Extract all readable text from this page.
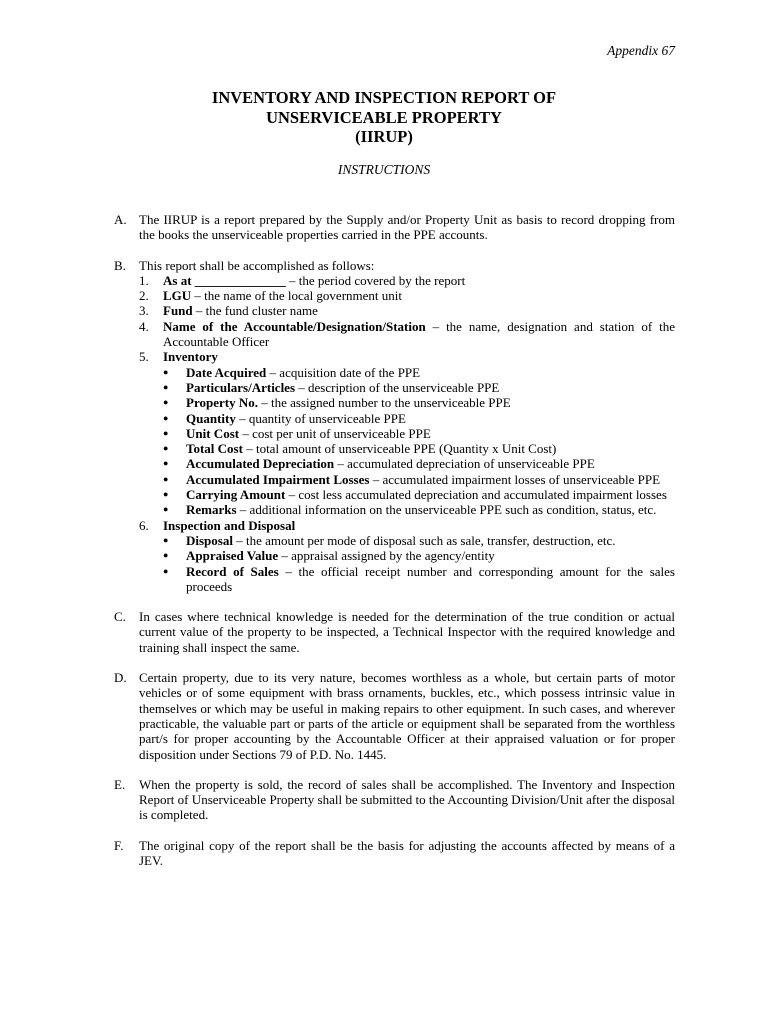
Appendix 67
INVENTORY AND INSPECTION REPORT OF
UNSERVICEABLE PROPERTY
(IIRUP)
INSTRUCTIONS
A. The IIRUP is a report prepared by the Supply and/or Property Unit as basis to record dropping from the books the unserviceable properties carried in the PPE accounts.
B.	This report shall be accomplished as follows:
1.	As at ______________ – the period covered by the report
2.	LGU – the name of the local government unit
3.	Fund – the fund cluster name
4.	Name of the Accountable/Designation/Station – the name, designation and station of the Accountable Officer
5.	Inventory
●	Date Acquired – acquisition date of the PPE
●	Particulars/Articles – description of the unserviceable PPE
●	Property No. – the assigned number to the unserviceable PPE
●	Quantity – quantity of unserviceable PPE
●	Unit Cost – cost per unit of unserviceable PPE
●	Total Cost – total amount of unserviceable PPE (Quantity x Unit Cost)
●	Accumulated Depreciation – accumulated depreciation of unserviceable PPE
●	Accumulated Impairment Losses – accumulated impairment losses of unserviceable PPE
●	Carrying Amount – cost less accumulated depreciation and accumulated impairment losses
●	Remarks – additional information on the unserviceable PPE such as condition, status, etc.
6.	Inspection and Disposal
●	Disposal – the amount per mode of disposal such as sale, transfer, destruction, etc.
●	Appraised Value – appraisal assigned by the agency/entity
●	Record of Sales – the official receipt number and corresponding amount for the sales proceeds
C.	In cases where technical knowledge is needed for the determination of the true condition or actual current value of the property to be inspected, a Technical Inspector with the required knowledge and training shall inspect the same.
D. Certain property, due to its very nature, becomes worthless as a whole, but certain parts of motor vehicles or of some equipment with brass ornaments, buckles, etc., which possess intrinsic value in themselves or which may be useful in making repairs to other equipment. In such cases, and wherever practicable, the valuable part or parts of the article or equipment shall be separated from the worthless part/s for proper accounting by the Accountable Officer at their appraised valuation or for proper disposition under Sections 79 of P.D. No. 1445.
E.	When the property is sold, the record of sales shall be accomplished. The Inventory and Inspection Report of Unserviceable Property shall be submitted to the Accounting Division/Unit after the disposal is completed.
F.	The original copy of the report shall be the basis for adjusting the accounts affected by means of a JEV.
